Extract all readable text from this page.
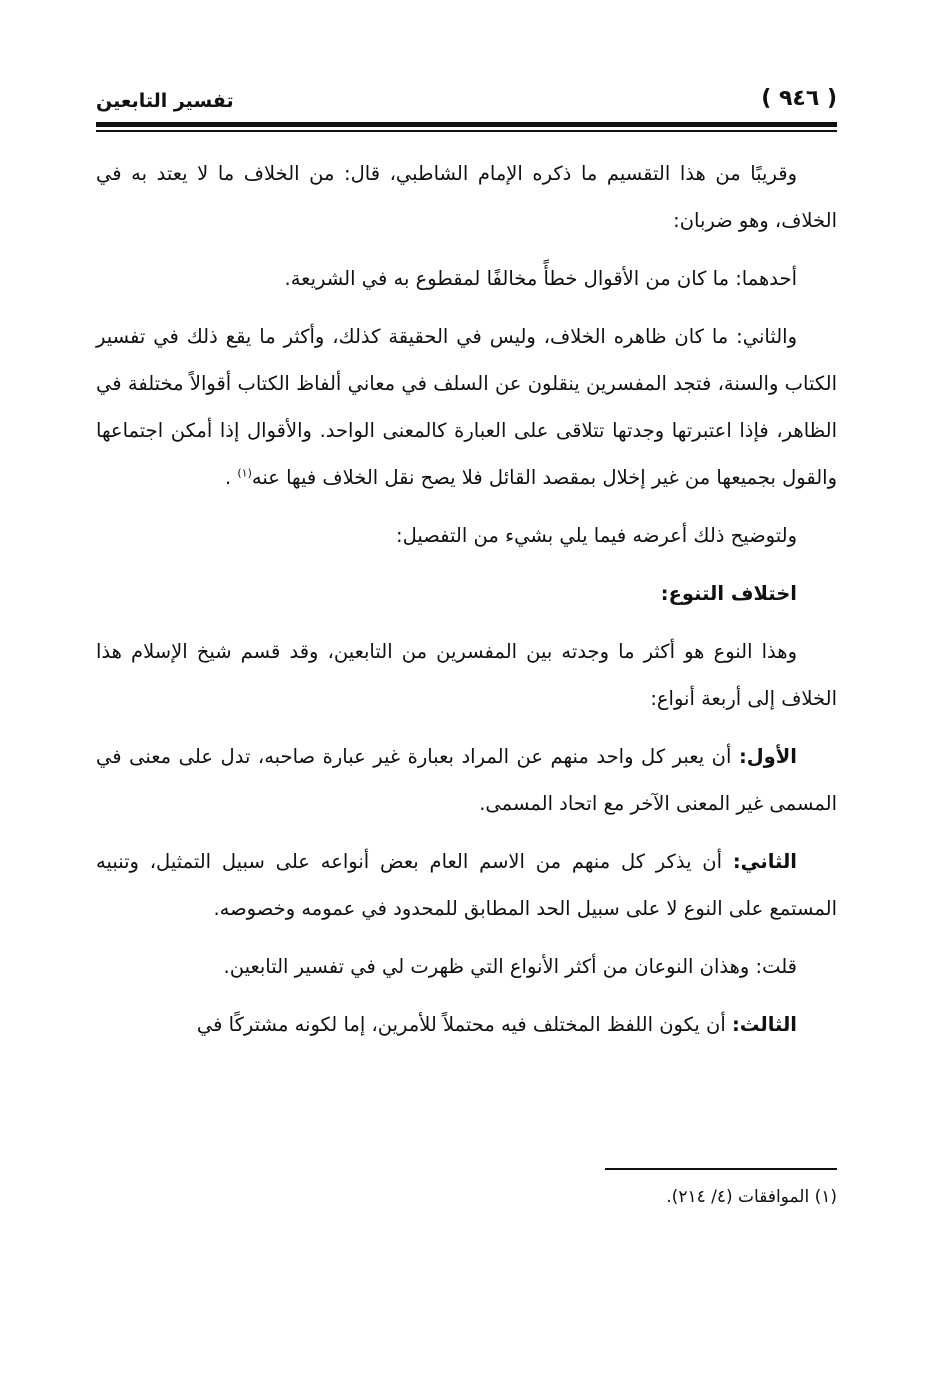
تفسير التابعين	( ٩٤٦ )

وقريبًا من هذا التقسيم ما ذكره الإمام الشاطبي، قال: من الخلاف ما لا يعتد به في الخلاف، وهو ضربان:

أحدهما: ما كان من الأقوال خطأً مخالفًا لمقطوع به في الشريعة.

والثاني: ما كان ظاهره الخلاف، وليس في الحقيقة كذلك، وأكثر ما يقع ذلك في تفسير الكتاب والسنة، فتجد المفسرين ينقلون عن السلف في معاني ألفاظ الكتاب أقوالاً مختلفة في الظاهر، فإذا اعتبرتها وجدتها تتلاقى على العبارة كالمعنى الواحد. والأقوال إذا أمكن اجتماعها والقول بجميعها من غير إخلال بمقصد القائل فلا يصح نقل الخلاف فيها عنه$^{(١)}$ .

ولتوضيح ذلك أعرضه فيما يلي بشيء من التفصيل:

اختلاف التنوع:

وهذا النوع هو أكثر ما وجدته بين المفسرين من التابعين، وقد قسم شيخ الإسلام هذا الخلاف إلى أربعة أنواع:

الأول: أن يعبر كل واحد منهم عن المراد بعبارة غير عبارة صاحبه، تدل على معنى في المسمى غير المعنى الآخر مع اتحاد المسمى.

الثاني: أن يذكر كل منهم من الاسم العام بعض أنواعه على سبيل التمثيل، وتنبيه المستمع على النوع لا على سبيل الحد المطابق للمحدود في عمومه وخصوصه.

قلت: وهذان النوعان من أكثر الأنواع التي ظهرت لي في تفسير التابعين.

الثالث: أن يكون اللفظ المختلف فيه محتملاً للأمرين، إما لكونه مشتركًا في

(١) الموافقات (٤/ ٢١٤).
